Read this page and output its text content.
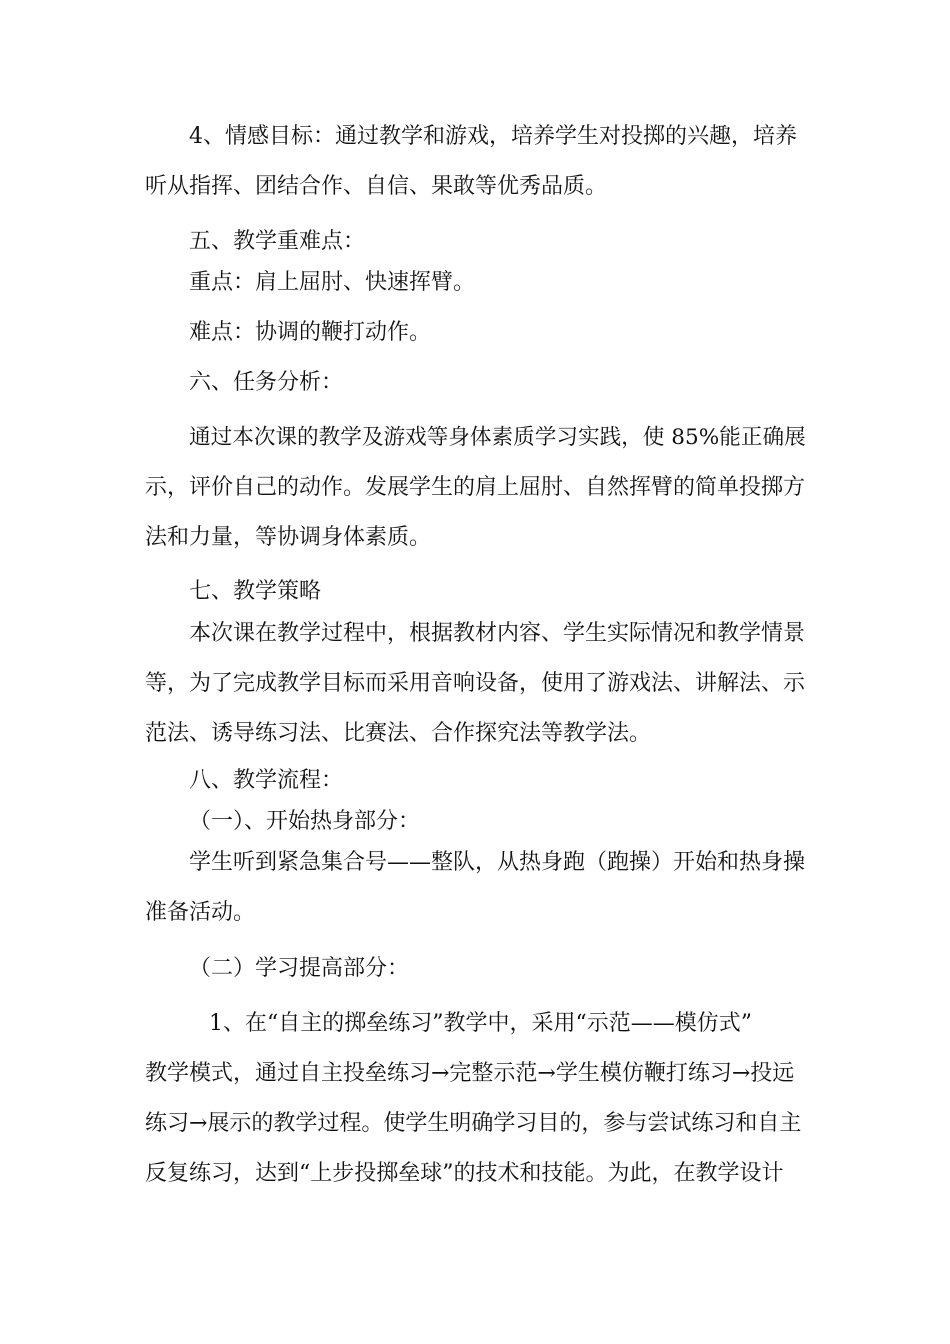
4、情感目标：通过教学和游戏，培养学生对投掷的兴趣，培养
听从指挥、团结合作、自信、果敢等优秀品质。
五、教学重难点：
重点：肩上屈肘、快速挥臂。
难点：协调的鞭打动作。
六、任务分析：
通过本次课的教学及游戏等身体素质学习实践，使 85%能正确展
示，评价自己的动作。发展学生的肩上屈肘、自然挥臂的简单投掷方
法和力量，等协调身体素质。
七、教学策略
本次课在教学过程中，根据教材内容、学生实际情况和教学情景
等，为了完成教学目标而采用音响设备，使用了游戏法、讲解法、示
范法、诱导练习法、比赛法、合作探究法等教学法。
八、教学流程：
（一）、开始热身部分：
学生听到紧急集合号——整队，从热身跑（跑操）开始和热身操
准备活动。
（二）学习提高部分：
1、在“自主的掷垒练习”教学中，采用“示范——模仿式”
教学模式，通过自主投垒练习→完整示范→学生模仿鞭打练习→投远
练习→展示的教学过程。使学生明确学习目的，参与尝试练习和自主
反复练习，达到“上步投掷垒球”的技术和技能。为此，在教学设计
